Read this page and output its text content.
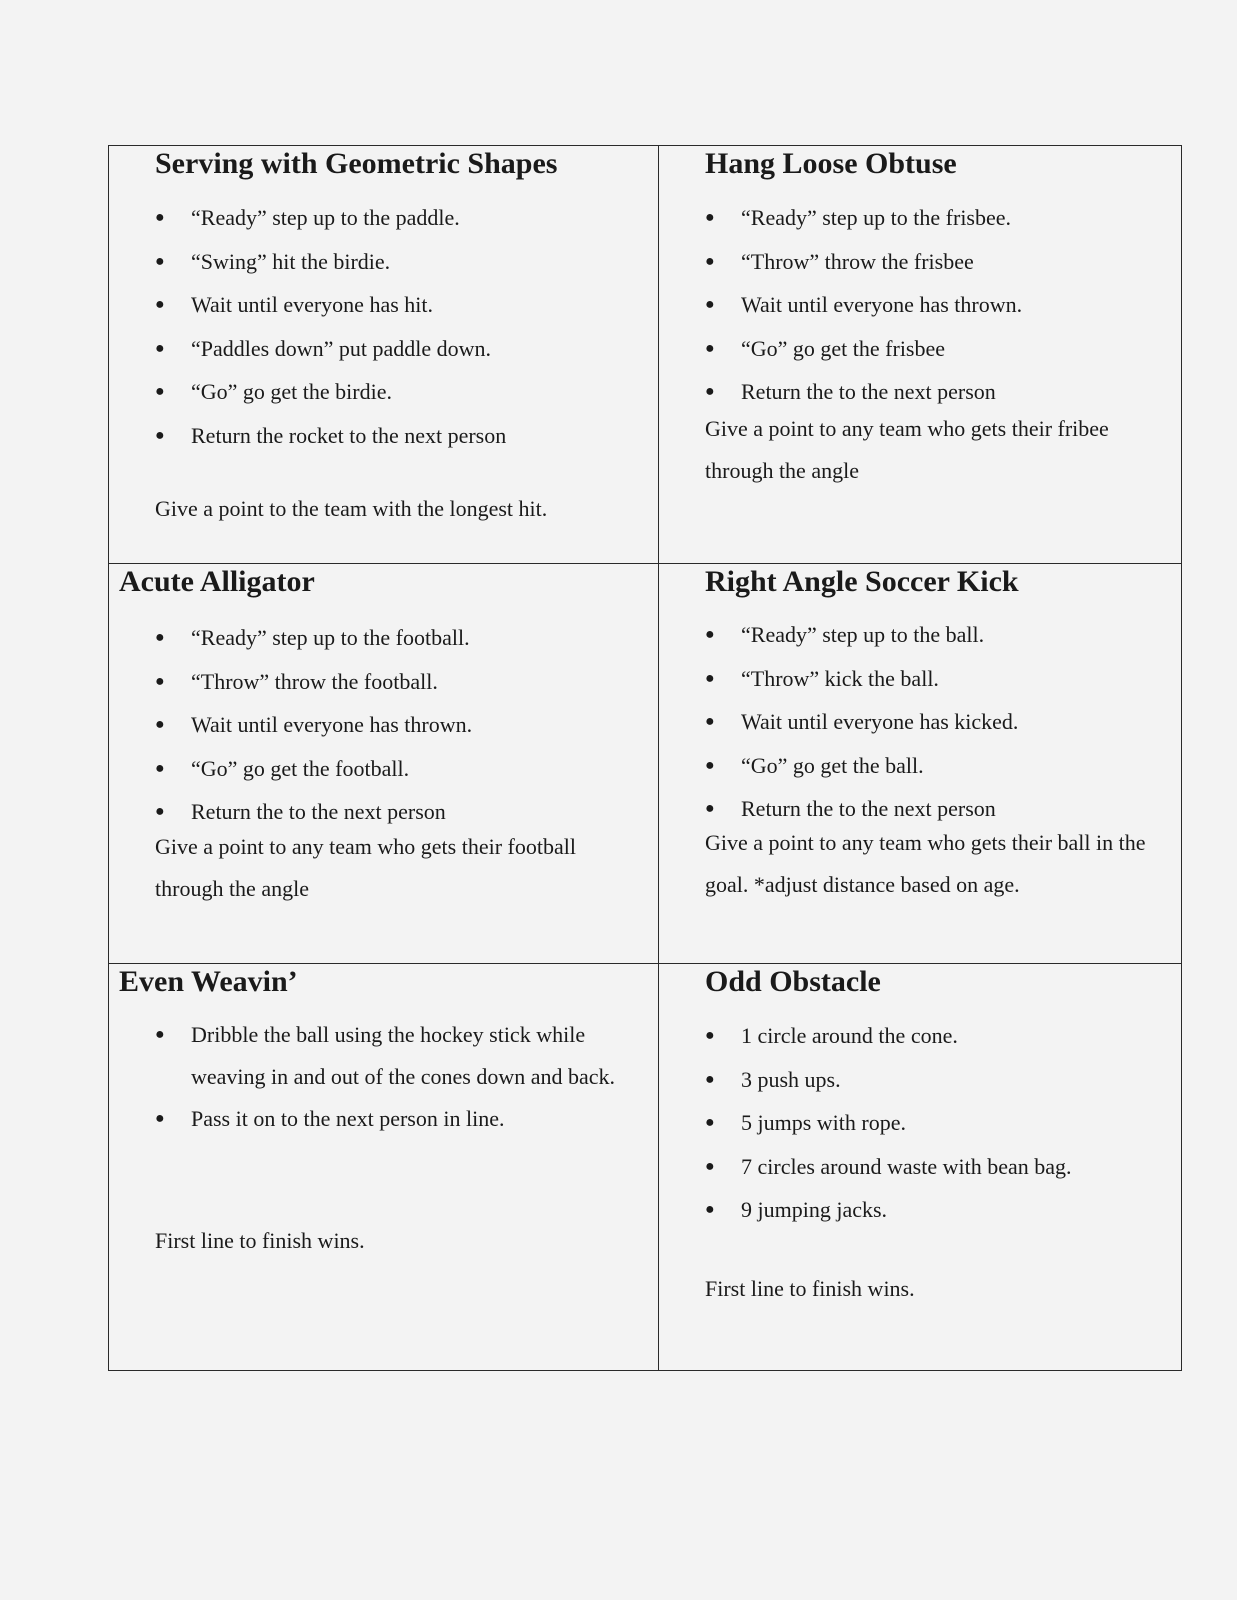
Serving with Geometric Shapes
● “Ready” step up to the paddle.
● “Swing” hit the birdie.
● Wait until everyone has hit.
● “Paddles down” put paddle down.
● “Go” go get the birdie.
● Return the rocket to the next person

Give a point to the team with the longest hit.

Hang Loose Obtuse
● “Ready” step up to the frisbee.
● “Throw” throw the frisbee
● Wait until everyone has thrown.
● “Go” go get the frisbee
● Return the to the next person

Give a point to any team who gets their fribee through the angle

Acute Alligator
● “Ready” step up to the football.
● “Throw” throw the football.
● Wait until everyone has thrown.
● “Go” go get the football.
● Return the to the next person

Give a point to any team who gets their football through the angle

Right Angle Soccer Kick
● “Ready” step up to the ball.
● “Throw” kick the ball.
● Wait until everyone has kicked.
● “Go” go get the ball.
● Return the to the next person

Give a point to any team who gets their ball in the goal. *adjust distance based on age.

Even Weavin’
● Dribble the ball using the hockey stick while weaving in and out of the cones down and back.
● Pass it on to the next person in line.

First line to finish wins.

Odd Obstacle
● 1 circle around the cone.
● 3 push ups.
● 5 jumps with rope.
● 7 circles around waste with bean bag.
● 9 jumping jacks.

First line to finish wins.
